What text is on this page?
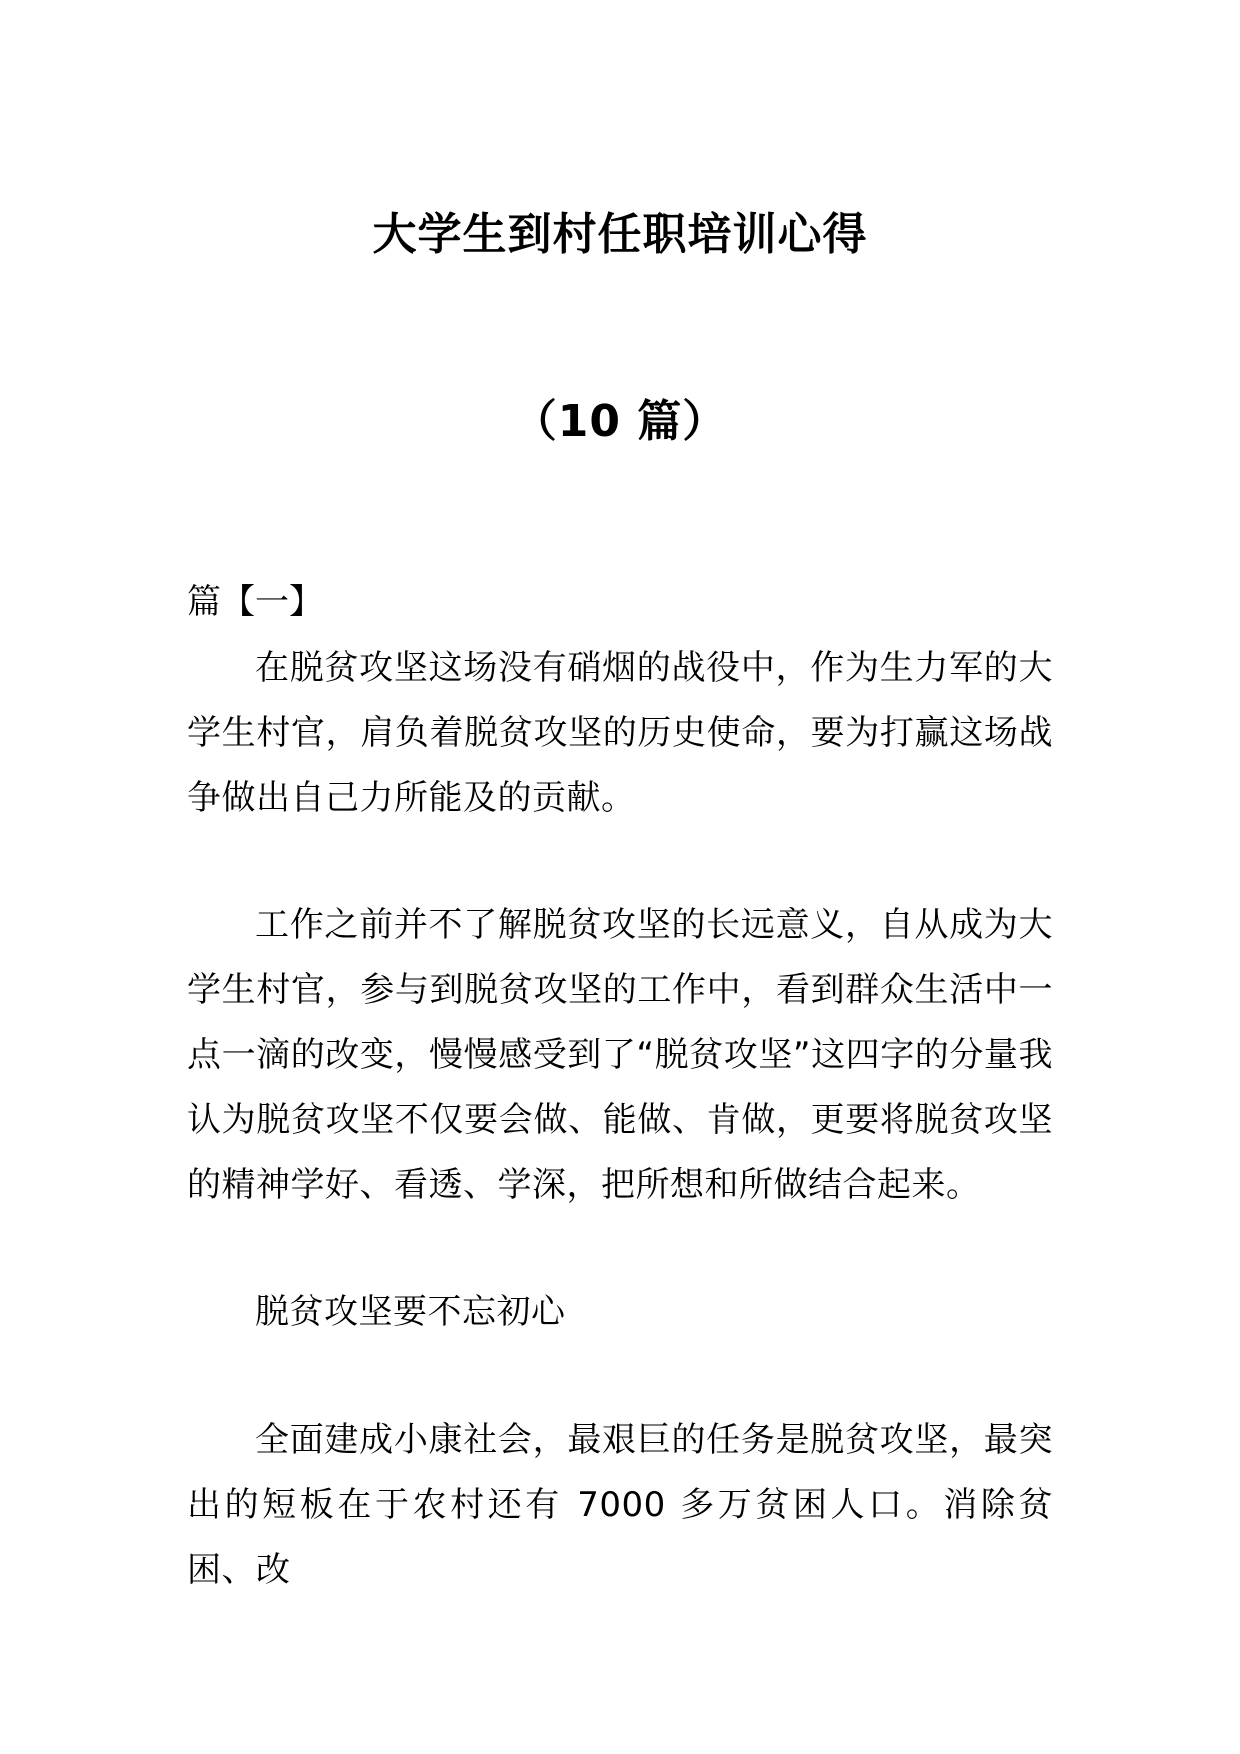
大学生到村任职培训心得
（10 篇）
篇【一】

在脱贫攻坚这场没有硝烟的战役中，作为生力军的大学生村官，肩负着脱贫攻坚的历史使命，要为打赢这场战争做出自己力所能及的贡献。

工作之前并不了解脱贫攻坚的长远意义，自从成为大学生村官，参与到脱贫攻坚的工作中，看到群众生活中一点一滴的改变，慢慢感受到了“脱贫攻坚”这四字的分量我认为脱贫攻坚不仅要会做、能做、肯做，更要将脱贫攻坚的精神学好、看透、学深，把所想和所做结合起来。

脱贫攻坚要不忘初心

全面建成小康社会，最艰巨的任务是脱贫攻坚，最突出的短板在于农村还有 7000 多万贫困人口。消除贫困、改
